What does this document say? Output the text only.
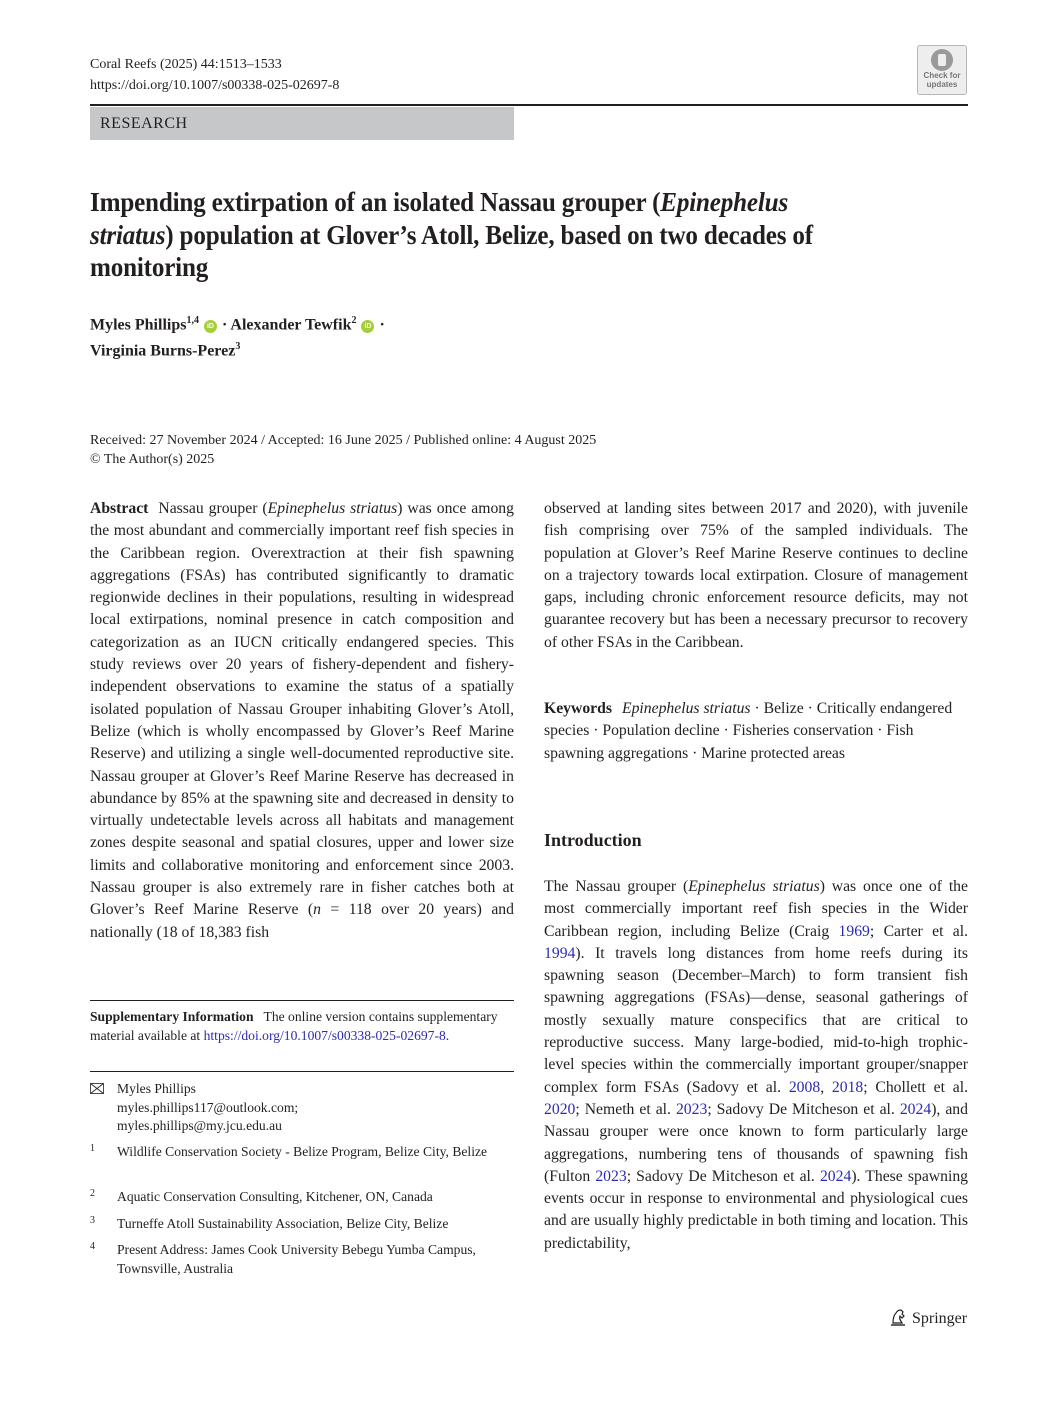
Coral Reefs (2025) 44:1513–1533
https://doi.org/10.1007/s00338-025-02697-8
Check for
updates
RESEARCH
Impending extirpation of an isolated Nassau grouper (Epinephelus striatus) population at Glover’s Atoll, Belize, based on two decades of monitoring
Myles Phillips$^{1,4}$ iD · Alexander Tewfik$^2$ iD ·
Virginia Burns-Perez$^3$
Received: 27 November 2024 / Accepted: 16 June 2025 / Published online: 4 August 2025
© The Author(s) 2025

Abstract Nassau grouper (Epinephelus striatus) was once among the most abundant and commercially important reef fish species in the Caribbean region. Overextraction at their fish spawning aggregations (FSAs) has contributed significantly to dramatic regionwide declines in their populations, resulting in widespread local extirpations, nominal presence in catch composition and categorization as an IUCN critically endangered species. This study reviews over 20 years of fishery-dependent and fishery-independent observations to examine the status of a spatially isolated population of Nassau Grouper inhabiting Glover’s Atoll, Belize (which is wholly encompassed by Glover’s Reef Marine Reserve) and utilizing a single well-documented reproductive site. Nassau grouper at Glover’s Reef Marine Reserve has decreased in abundance by 85% at the spawning site and decreased in density to virtually undetectable levels across all habitats and management zones despite seasonal and spatial closures, upper and lower size limits and collaborative monitoring and enforcement since 2003. Nassau grouper is also extremely rare in fisher catches both at Glover’s Reef Marine Reserve (n = 118 over 20 years) and nationally (18 of 18,383 fish

Supplementary Information The online version contains supplementary material available at https://doi.org/10.1007/s00338-025-02697-8.
Myles Phillips
myles.phillips117@outlook.com;
myles.phillips@my.jcu.edu.au
1 Wildlife Conservation Society - Belize Program, Belize City, Belize
2 Aquatic Conservation Consulting, Kitchener, ON, Canada
3 Turneffe Atoll Sustainability Association, Belize City, Belize
4 Present Address: James Cook University Bebegu Yumba Campus, Townsville, Australia

observed at landing sites between 2017 and 2020), with juvenile fish comprising over 75% of the sampled individuals. The population at Glover’s Reef Marine Reserve continues to decline on a trajectory towards local extirpation. Closure of management gaps, including chronic enforcement resource deficits, may not guarantee recovery but has been a necessary precursor to recovery of other FSAs in the Caribbean.

Keywords Epinephelus striatus · Belize · Critically endangered species · Population decline · Fisheries conservation · Fish spawning aggregations · Marine protected areas

Introduction

The Nassau grouper (Epinephelus striatus) was once one of the most commercially important reef fish species in the Wider Caribbean region, including Belize (Craig 1969; Carter et al. 1994). It travels long distances from home reefs during its spawning season (December–March) to form transient fish spawning aggregations (FSAs)—dense, seasonal gatherings of mostly sexually mature conspecifics that are critical to reproductive success. Many large-bodied, mid-to-high trophic-level species within the commercially important grouper/snapper complex form FSAs (Sadovy et al. 2008, 2018; Chollett et al. 2020; Nemeth et al. 2023; Sadovy De Mitcheson et al. 2024), and Nassau grouper were once known to form particularly large aggregations, numbering tens of thousands of spawning fish (Fulton 2023; Sadovy De Mitcheson et al. 2024). These spawning events occur in response to environmental and physiological cues and are usually highly predictable in both timing and location. This predictability,

Springer
